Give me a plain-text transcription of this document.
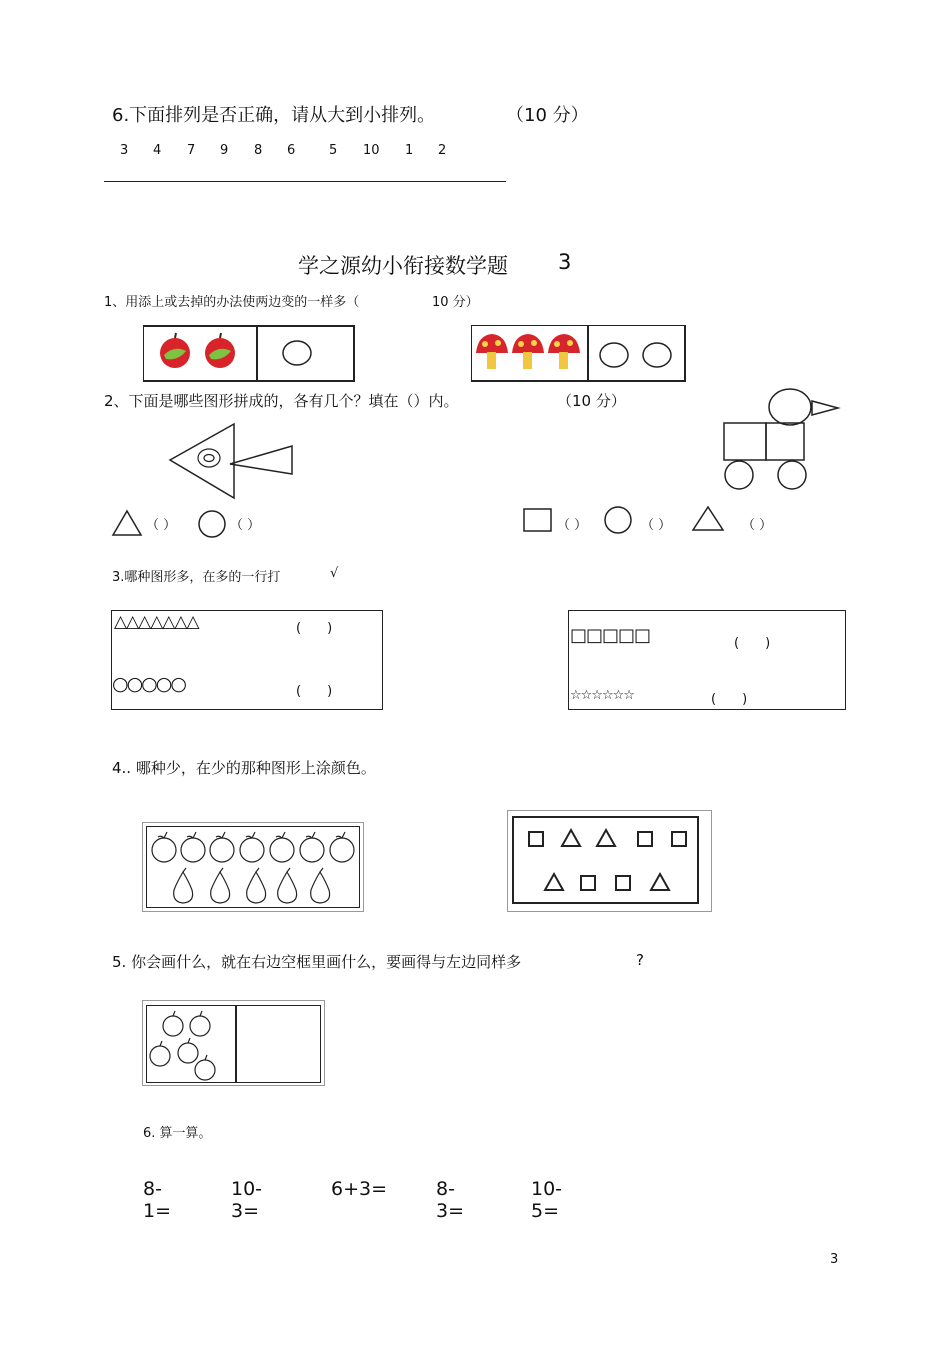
6.下面排列是否正确，请从大到小排列。	（10 分）
3 4 7 9 8 6	5 10 1 2
学之源幼小衔接数学题 3
1、用添上或去掉的办法使两边变的一样多（	10 分）
2、下面是哪些图形拼成的，各有几个？填在（）内。	（10 分）
（ ）	（ ）	（ ）	（ ）	（ ）
3.哪种图形多，在多的一行打	√
△△△△△△△	(　　)
○○○○○	(　　)
□□□□□	(　　)
☆☆☆☆☆☆	(　　)
4.. 哪种少，在少的那种图形上涂颜色。
5. 你会画什么，就在右边空框里画什么，要画得与左边同样多	?
6. 算一算。
8-1=
10-3=
6+3=	8-3=
10-5=
3
